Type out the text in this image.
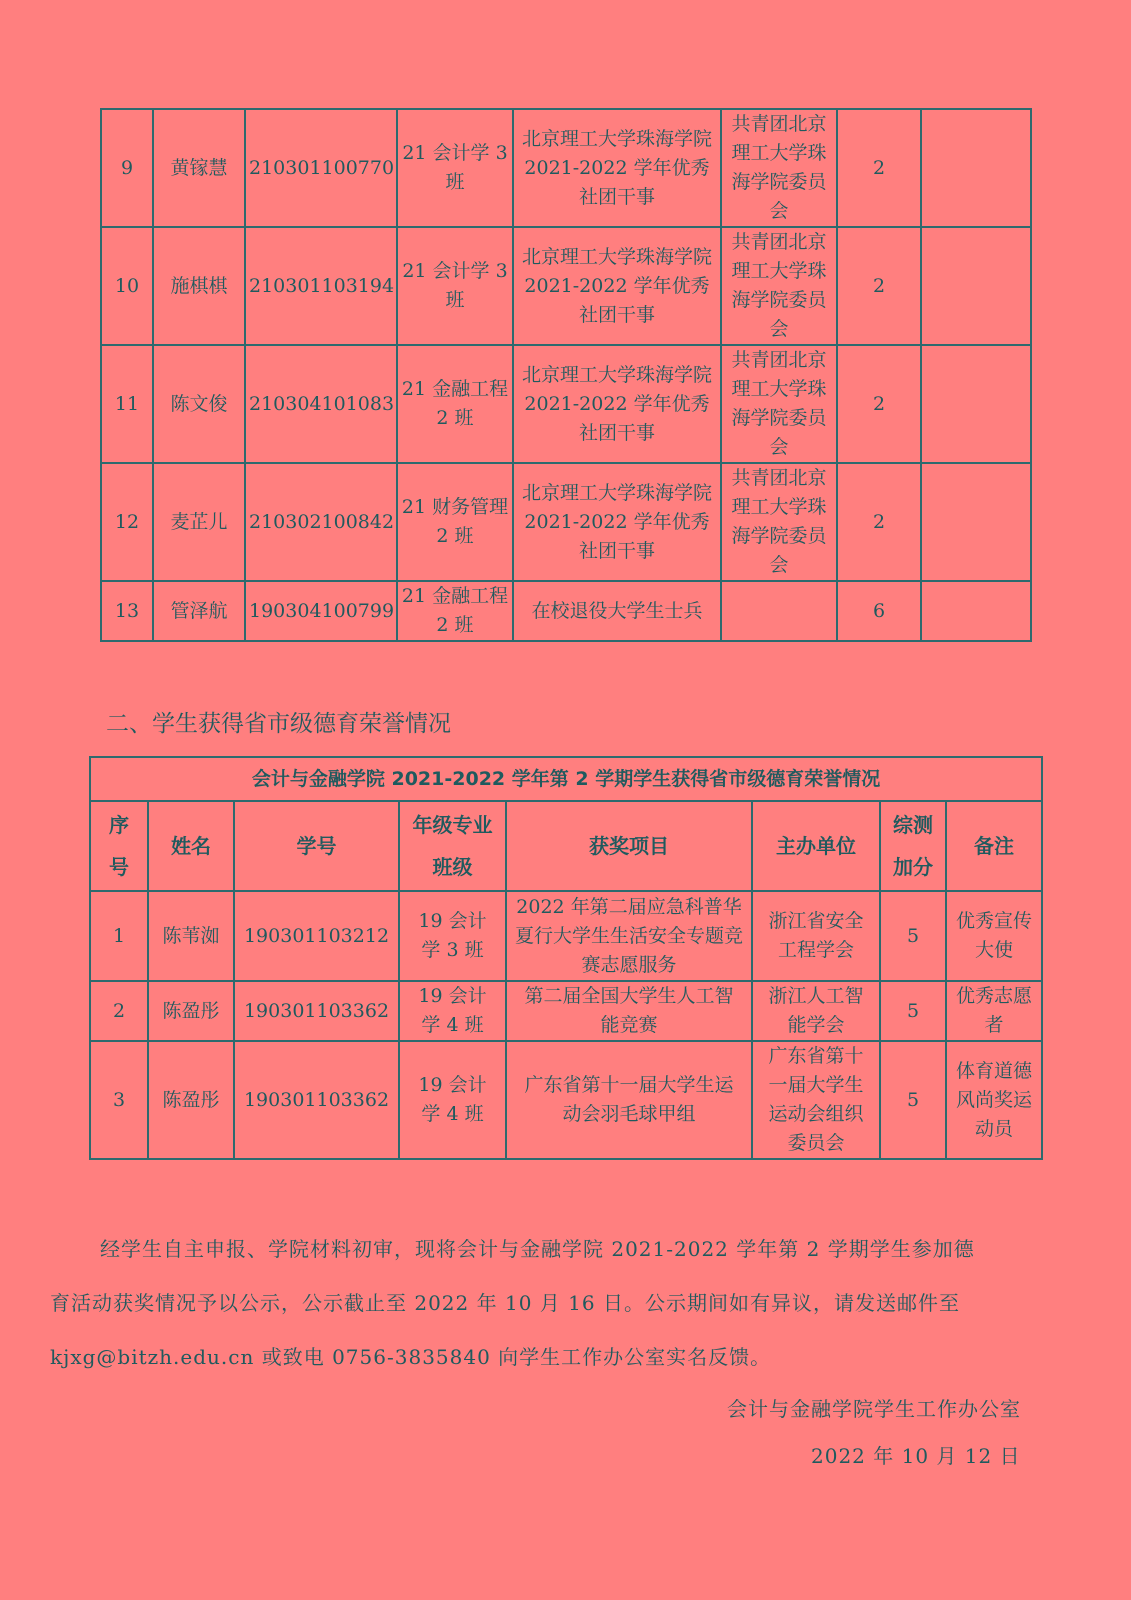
9	黄镓慧	210301100770	21 会计学 3 班	北京理工大学珠海学院 2021-2022 学年优秀社团干事	共青团北京理工大学珠海学院委员会	2	
10	施棋棋	210301103194	21 会计学 3 班	北京理工大学珠海学院 2021-2022 学年优秀社团干事	共青团北京理工大学珠海学院委员会	2	
11	陈文俊	210304101083	21 金融工程 2 班	北京理工大学珠海学院 2021-2022 学年优秀社团干事	共青团北京理工大学珠海学院委员会	2	
12	麦芷儿	210302100842	21 财务管理 2 班	北京理工大学珠海学院 2021-2022 学年优秀社团干事	共青团北京理工大学珠海学院委员会	2	
13	管泽航	190304100799	21 金融工程 2 班	在校退役大学生士兵		6	
二、学生获得省市级德育荣誉情况
会计与金融学院 2021-2022 学年第 2 学期学生获得省市级德育荣誉情况							
序号	姓名	学号	年级专业班级	获奖项目	主办单位	综测加分	备注
1	陈苇洳	190301103212	19 会计学 3 班	2022 年第二届应急科普华夏行大学生生活安全专题竞赛志愿服务	浙江省安全工程学会	5	优秀宣传大使
2	陈盈彤	190301103362	19 会计学 4 班	第二届全国大学生人工智能竞赛	浙江人工智能学会	5	优秀志愿者
3	陈盈彤	190301103362	19 会计学 4 班	广东省第十一届大学生运动会羽毛球甲组	广东省第十一届大学生运动会组织委员会	5	体育道德风尚奖运动员
经学生自主申报、学院材料初审，现将会计与金融学院 2021-2022 学年第 2 学期学生参加德
育活动获奖情况予以公示，公示截止至 2022 年 10 月 16 日。公示期间如有异议，请发送邮件至
kjxg@bitzh.edu.cn 或致电 0756-3835840 向学生工作办公室实名反馈。
会计与金融学院学生工作办公室
2022 年 10 月 12 日
